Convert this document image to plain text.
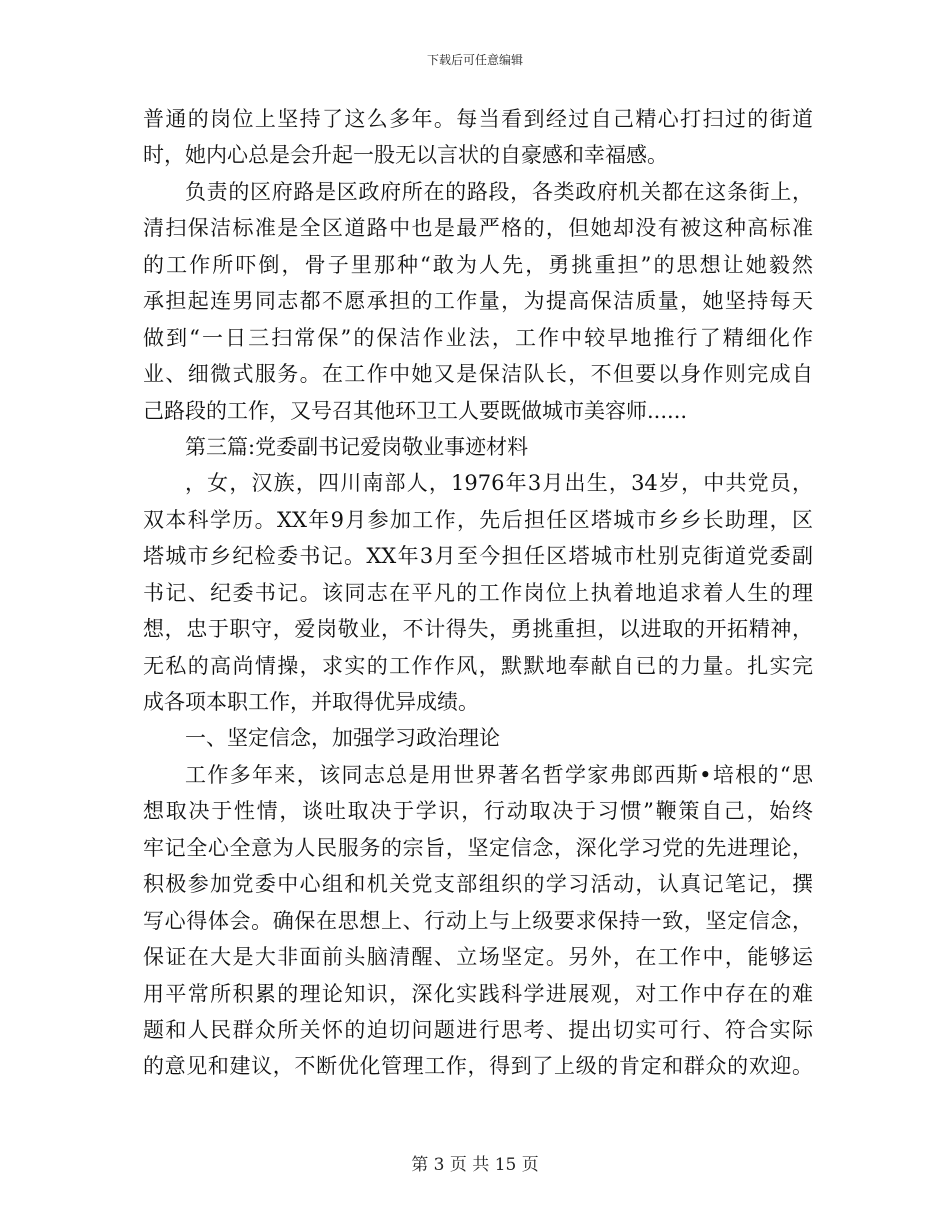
下载后可任意编辑
普通的岗位上坚持了这么多年。每当看到经过自己精心打扫过的街道
时，她内心总是会升起一股无以言状的自豪感和幸福感。
负责的区府路是区政府所在的路段，各类政府机关都在这条街上，
清扫保洁标准是全区道路中也是最严格的，但她却没有被这种高标准
的工作所吓倒，骨子里那种“敢为人先，勇挑重担”的思想让她毅然
承担起连男同志都不愿承担的工作量，为提高保洁质量，她坚持每天
做到“一日三扫常保”的保洁作业法，工作中较早地推行了精细化作
业、细微式服务。在工作中她又是保洁队长，不但要以身作则完成自
己路段的工作，又号召其他环卫工人要既做城市美容师......
第三篇:党委副书记爱岗敬业事迹材料
，女，汉族，四川南部人，1976年3月出生，34岁，中共党员，
双本科学历。XX年9月参加工作，先后担任区塔城市乡乡长助理，区
塔城市乡纪检委书记。XX年3月至今担任区塔城市杜别克街道党委副
书记、纪委书记。该同志在平凡的工作岗位上执着地追求着人生的理
想，忠于职守，爱岗敬业，不计得失，勇挑重担，以进取的开拓精神，
无私的高尚情操，求实的工作作风，默默地奉献自已的力量。扎实完
成各项本职工作，并取得优异成绩。
一、坚定信念，加强学习政治理论
工作多年来，该同志总是用世界著名哲学家弗郎西斯•培根的“思
想取决于性情，谈吐取决于学识，行动取决于习惯”鞭策自己，始终
牢记全心全意为人民服务的宗旨，坚定信念，深化学习党的先进理论，
积极参加党委中心组和机关党支部组织的学习活动，认真记笔记，撰
写心得体会。确保在思想上、行动上与上级要求保持一致，坚定信念，
保证在大是大非面前头脑清醒、立场坚定。另外，在工作中，能够运
用平常所积累的理论知识，深化实践科学进展观，对工作中存在的难
题和人民群众所关怀的迫切问题进行思考、提出切实可行、符合实际
的意见和建议，不断优化管理工作，得到了上级的肯定和群众的欢迎。
第 3 页 共 15 页
